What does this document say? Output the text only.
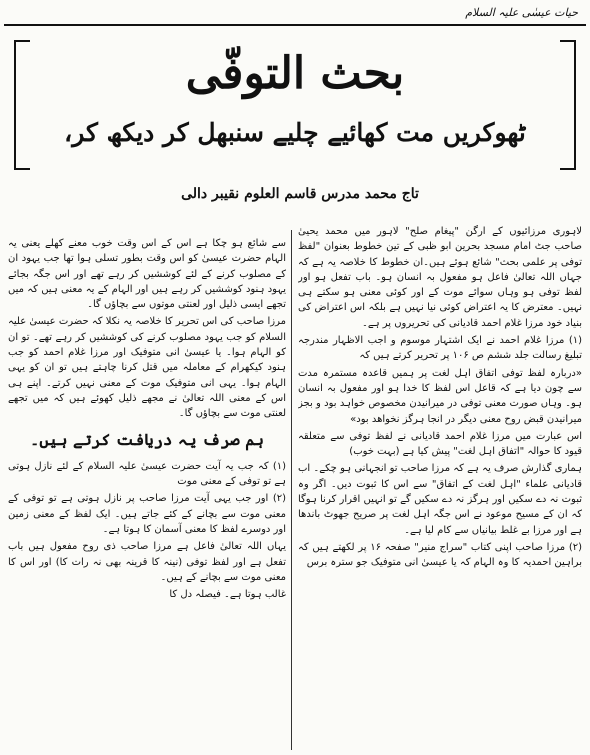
حیات عیسٰی علیہ السلام
بحث التوفّی
ٹھوکریں مت کھائیے چلیے سنبھل کر دیکھ کر،
تاج محمد مدرس قاسم العلوم نقیبر دالی

لاہوری مرزائیوں کے ارگن "پیغام صلح" لاہور میں محمد یحییٰ صاحب جٹ امام مسجد بحرین ابو ظبی کے تین خطوط بعنوان "لفظ توفی پر علمی بحث" شائع ہوئے ہیں۔ان خطوط کا خلاصہ یہ ہے کہ جہاں اللہ تعالیٰ فاعل ہو مفعول بہ انسان ہو۔ باب تفعل ہو اور لفظ توفی ہو وہاں سوائے موت کے اور کوئی معنی ہو سکتے ہی نہیں۔ معترض کا یہ اعتراض کوئی نیا نہیں ہے بلکہ اس اعتراض کی بنیاد خود مرزا غلام احمد قادیانی کی تحریروں پر ہے۔

(۱) مرزا غلام احمد نے ایک اشتہار موسوم و اجب الاظہار مندرجہ تبلیغ رسالت جلد ششم ص ۱۰۶ پر تحریر کرتے ہیں کہ

«دربارہ لفظ توفی اتفاق اہل لغت پر ہمیں قاعدہ مستمرہ مدت سے چون دیا ہے کہ قاعل اس لفظ کا خدا ہو اور مفعول بہ انسان ہو۔ وہاں صورت معنی توفی در میرانیدن مخصوص خواہد بود و بجز میرانیدن قبض روح معنی دیگر در انجا ہرگز نخواهد بود»

اس عبارت میں مرزا غلام احمد قادیانی نے لفظ توفی سے متعلقہ قیود کا حوالہ "اتفاق اہل لغت" پیش کیا ہے (بہت خوب)

ہماری گذارش صرف یہ ہے کہ مرزا صاحب تو انجہانی ہو چکے۔ اب قادیانی علماء "اہل لغت کے اتفاق" سے اس کا ثبوت دیں۔ اگر وہ ثبوت نہ دے سکیں اور ہرگز نہ دے سکیں گے تو انہیں اقرار کرنا ہوگا کہ ان کے مسیح موعود نے اس جگہ اہل لغت پر صریح جھوٹ باندھا ہے اور مرزا بے غلط بیانیاں سے کام لیا ہے۔

(۲) مرزا صاحب اپنی کتاب "سراج منیر" صفحہ ۱۶ پر لکھتے ہیں کہ براہین احمدیہ کا وہ الہام کہ یا عیسیٰ انی متوفیک جو سترہ برس

سے شائع ہو چکا ہے اس کے اس وقت خوب معنے کھلے یعنی یہ الہام حضرت عیسیٰ کو اس وقت بطور تسلی ہوا تھا جب یہود ان کے مصلوب کرنے کے لئے کوششیں کر رہے تھے اور اس جگہ بجائے یہود ہنود کوششیں کر رہے ہیں اور الہام کے یہ معنی ہیں کہ میں تجھے ایسی ذلیل اور لعنتی موتوں سے بچاؤں گا۔

مرزا صاحب کی اس تحریر کا خلاصہ یہ نکلا کہ حضرت عیسیٰ علیہ السلام کو جب یہود مصلوب کرنے کی کوششیں کر رہے تھے۔ تو ان کو الہام ہوا۔ یا عیسیٰ انی متوفیک اور مرزا غلام احمد کو جب ہنود کیکھرام کے معاملہ میں قتل کرنا چاہتے ہیں تو ان کو یہی الہام ہوا۔ یہی انی متوفیک موت کے معنی نہیں کرتے۔ اپنے ہی اس کے معنی اللہ تعالیٰ نے مجھے ذلیل کھوئے ہیں کہ میں تجھے لعنتی موت سے بچاؤں گا۔

ہم صرف یہ دریافت کرتے ہیں۔

(۱) کہ جب یہ آیت حضرت عیسیٰ علیہ السلام کے لئے نازل ہوتی ہے تو توفی کے معنی موت

(۲) اور جب یہی آیت مرزا صاحب پر نازل ہوتی ہے تو توفی کے معنی موت سے بچانے کے کئے جاتے ہیں۔ ایک لفظ کے معنی زمین اور دوسرے لفظ کا معنی آسمان کا ہوتا ہے۔

یہاں اللہ تعالیٰ فاعل ہے مرزا صاحب ذی روح مفعول ہیں باب تفعل ہے اور لفظ توفی (نینہ کا قرینہ بھی نہ رات کا) اور اس کا معنی موت سے بچانے کے ہیں۔

غالب ہوتا ہے۔ فیصلہ دل کا
